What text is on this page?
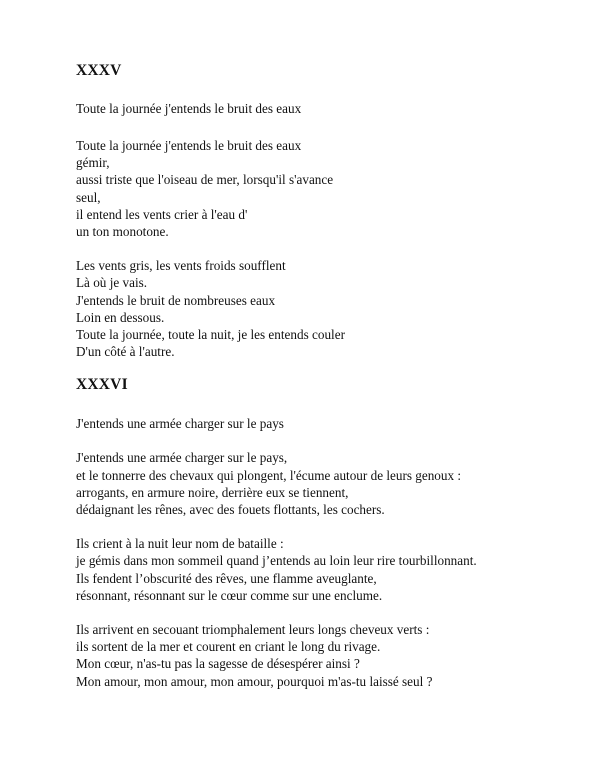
XXXV

Toute la journée j'entends le bruit des eaux

Toute la journée j'entends le bruit des eaux
gémir,
aussi triste que l'oiseau de mer, lorsqu'il s'avance
seul,
il entend les vents crier à l'eau d'
un ton monotone.
Les vents gris, les vents froids soufflent
Là où je vais.
J'entends le bruit de nombreuses eaux
Loin en dessous.
Toute la journée, toute la nuit, je les entends couler
D'un côté à l'autre.
XXXVI

J'entends une armée charger sur le pays

J'entends une armée charger sur le pays,
et le tonnerre des chevaux qui plongent, l'écume autour de leurs genoux :
arrogants, en armure noire, derrière eux se tiennent,
dédaignant les rênes, avec des fouets flottants, les cochers.
Ils crient à la nuit leur nom de bataille :
je gémis dans mon sommeil quand j’entends au loin leur rire tourbillonnant.
Ils fendent l’obscurité des rêves, une flamme aveuglante,
résonnant, résonnant sur le cœur comme sur une enclume.
Ils arrivent en secouant triomphalement leurs longs cheveux verts :
ils sortent de la mer et courent en criant le long du rivage.
Mon cœur, n'as-tu pas la sagesse de désespérer ainsi ?
Mon amour, mon amour, mon amour, pourquoi m'as-tu laissé seul ?
